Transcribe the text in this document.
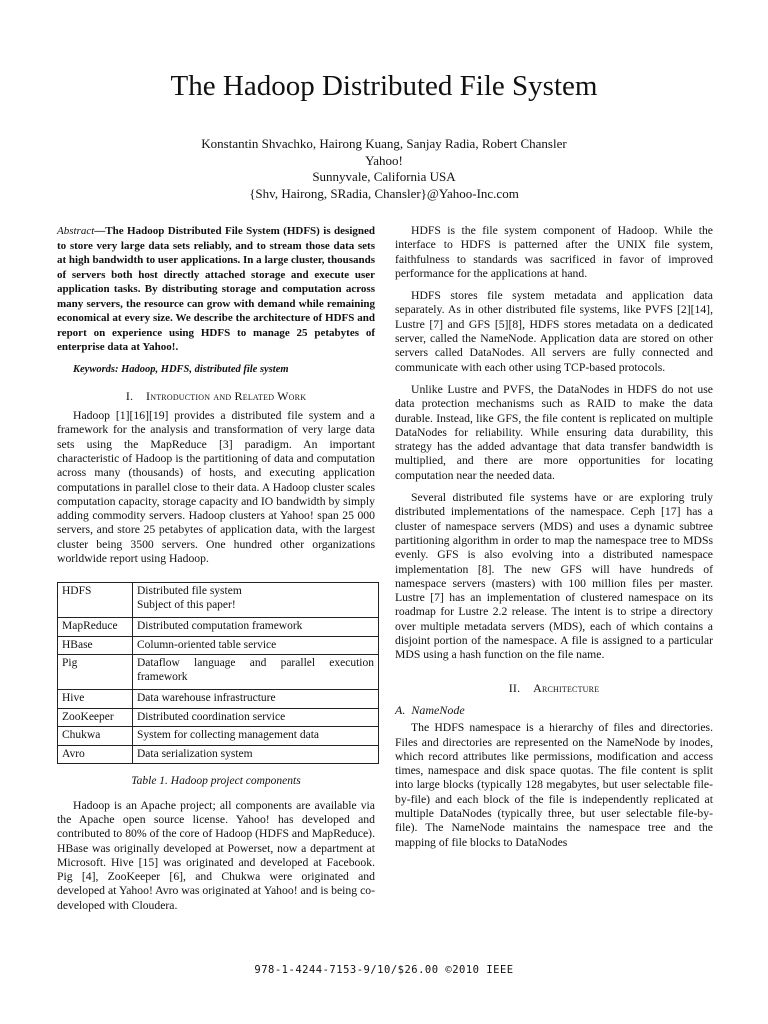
The Hadoop Distributed File System
Konstantin Shvachko, Hairong Kuang, Sanjay Radia, Robert Chansler
Yahoo!
Sunnyvale, California USA
{Shv, Hairong, SRadia, Chansler}@Yahoo-Inc.com

Abstract—The Hadoop Distributed File System (HDFS) is designed to store very large data sets reliably, and to stream those data sets at high bandwidth to user applications. In a large cluster, thousands of servers both host directly attached storage and execute user application tasks. By distributing storage and computation across many servers, the resource can grow with demand while remaining economical at every size. We describe the architecture of HDFS and report on experience using HDFS to manage 25 petabytes of enterprise data at Yahoo!.

Keywords: Hadoop, HDFS, distributed file system

I. Introduction and Related Work

Hadoop [1][16][19] provides a distributed file system and a framework for the analysis and transformation of very large data sets using the MapReduce [3] paradigm. An important characteristic of Hadoop is the partitioning of data and computation across many (thousands) of hosts, and executing application computations in parallel close to their data. A Hadoop cluster scales computation capacity, storage capacity and IO bandwidth by simply adding commodity servers. Hadoop clusters at Yahoo! span 25 000 servers, and store 25 petabytes of application data, with the largest cluster being 3500 servers. One hundred other organizations worldwide report using Hadoop.

HDFS	Distributed file system
Subject of this paper!

MapReduce	Distributed computation framework
HBase	Column-oriented table service
Pig	Dataflow language and parallel execution framework
Hive	Data warehouse infrastructure
ZooKeeper	Distributed coordination service
Chukwa	System for collecting management data
Avro	Data serialization system
Table 1. Hadoop project components

Hadoop is an Apache project; all components are available via the Apache open source license. Yahoo! has developed and contributed to 80% of the core of Hadoop (HDFS and MapReduce). HBase was originally developed at Powerset, now a department at Microsoft. Hive [15] was originated and developed at Facebook. Pig [4], ZooKeeper [6], and Chukwa were originated and developed at Yahoo! Avro was originated at Yahoo! and is being co-developed with Cloudera.

HDFS is the file system component of Hadoop. While the interface to HDFS is patterned after the UNIX file system, faithfulness to standards was sacrificed in favor of improved performance for the applications at hand.

HDFS stores file system metadata and application data separately. As in other distributed file systems, like PVFS [2][14], Lustre [7] and GFS [5][8], HDFS stores metadata on a dedicated server, called the NameNode. Application data are stored on other servers called DataNodes. All servers are fully connected and communicate with each other using TCP-based protocols.

Unlike Lustre and PVFS, the DataNodes in HDFS do not use data protection mechanisms such as RAID to make the data durable. Instead, like GFS, the file content is replicated on multiple DataNodes for reliability. While ensuring data durability, this strategy has the added advantage that data transfer bandwidth is multiplied, and there are more opportunities for locating computation near the needed data.

Several distributed file systems have or are exploring truly distributed implementations of the namespace. Ceph [17] has a cluster of namespace servers (MDS) and uses a dynamic subtree partitioning algorithm in order to map the namespace tree to MDSs evenly. GFS is also evolving into a distributed namespace implementation [8]. The new GFS will have hundreds of namespace servers (masters) with 100 million files per master. Lustre [7] has an implementation of clustered namespace on its roadmap for Lustre 2.2 release. The intent is to stripe a directory over multiple metadata servers (MDS), each of which contains a disjoint portion of the namespace. A file is assigned to a particular MDS using a hash function on the file name.

II. Architecture
A. NameNode

The HDFS namespace is a hierarchy of files and directories. Files and directories are represented on the NameNode by inodes, which record attributes like permissions, modification and access times, namespace and disk space quotas. The file content is split into large blocks (typically 128 megabytes, but user selectable file-by-file) and each block of the file is independently replicated at multiple DataNodes (typically three, but user selectable file-by-file). The NameNode maintains the namespace tree and the mapping of file blocks to DataNodes

978-1-4244-7153-9/10/$26.00 ©2010 IEEE
